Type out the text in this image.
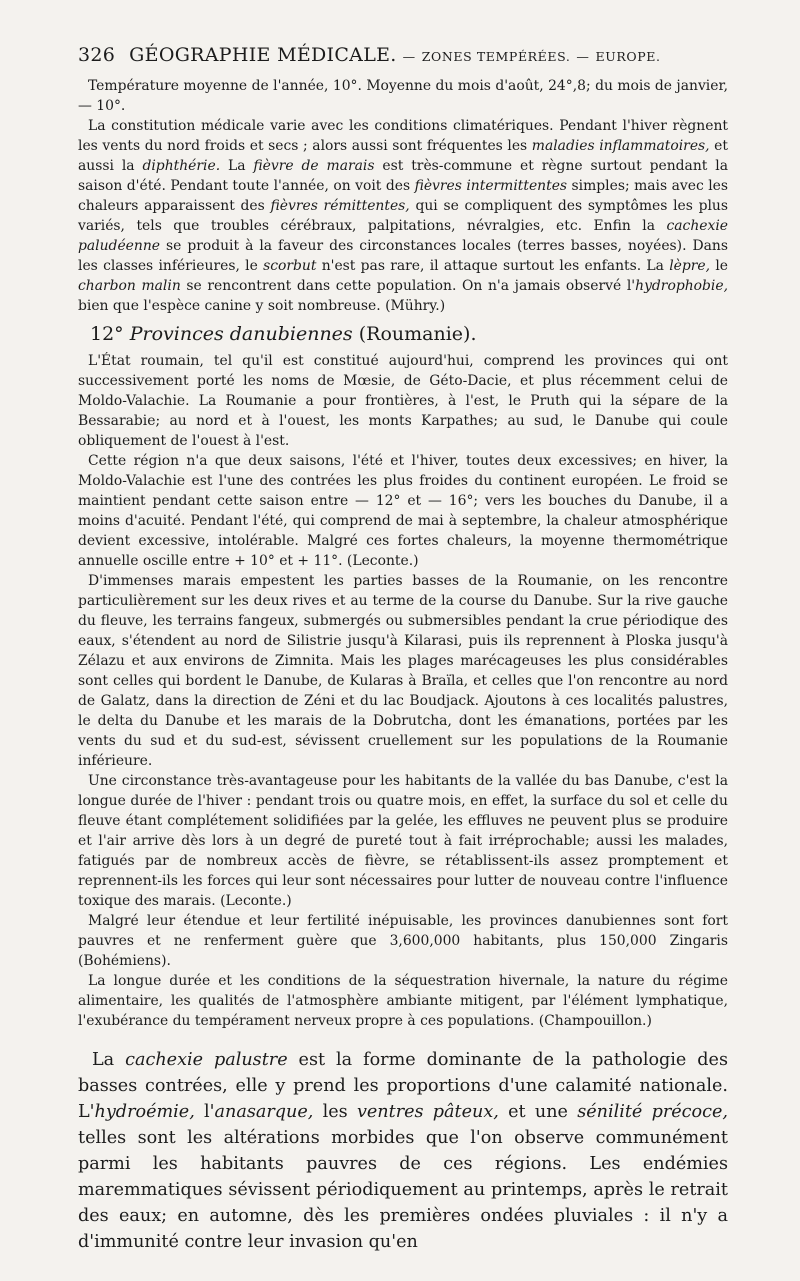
326 GÉOGRAPHIE MÉDICALE. — ZONES TEMPÉRÉES. — EUROPE.

Température moyenne de l'année, 10°. Moyenne du mois d'août, 24°,8; du mois de janvier, — 10°.

La constitution médicale varie avec les conditions climatériques. Pendant l'hiver règnent les vents du nord froids et secs ; alors aussi sont fréquentes les maladies inflammatoires, et aussi la diphthérie. La fièvre de marais est très-commune et règne surtout pendant la saison d'été. Pendant toute l'année, on voit des fièvres intermittentes simples; mais avec les chaleurs apparaissent des fièvres rémittentes, qui se compliquent des symptômes les plus variés, tels que troubles cérébraux, palpitations, névralgies, etc. Enfin la cachexie paludéenne se produit à la faveur des circonstances locales (terres basses, noyées). Dans les classes inférieures, le scorbut n'est pas rare, il attaque surtout les enfants. La lèpre, le charbon malin se rencontrent dans cette population. On n'a jamais observé l'hydrophobie, bien que l'espèce canine y soit nombreuse. (Mühry.)

12° Provinces danubiennes (Roumanie).

L'État roumain, tel qu'il est constitué aujourd'hui, comprend les provinces qui ont successivement porté les noms de Mœsie, de Géto-Dacie, et plus récemment celui de Moldo-Valachie. La Roumanie a pour frontières, à l'est, le Pruth qui la sépare de la Bessarabie; au nord et à l'ouest, les monts Karpathes; au sud, le Danube qui coule obliquement de l'ouest à l'est.

Cette région n'a que deux saisons, l'été et l'hiver, toutes deux excessives; en hiver, la Moldo-Valachie est l'une des contrées les plus froides du continent européen. Le froid se maintient pendant cette saison entre — 12° et — 16°; vers les bouches du Danube, il a moins d'acuité. Pendant l'été, qui comprend de mai à septembre, la chaleur atmosphérique devient excessive, intolérable. Malgré ces fortes chaleurs, la moyenne thermométrique annuelle oscille entre + 10° et + 11°. (Leconte.)

D'immenses marais empestent les parties basses de la Roumanie, on les rencontre particulièrement sur les deux rives et au terme de la course du Danube. Sur la rive gauche du fleuve, les terrains fangeux, submergés ou submersibles pendant la crue périodique des eaux, s'étendent au nord de Silistrie jusqu'à Kilarasi, puis ils reprennent à Ploska jusqu'à Zélazu et aux environs de Zimnita. Mais les plages marécageuses les plus considérables sont celles qui bordent le Danube, de Kularas à Braïla, et celles que l'on rencontre au nord de Galatz, dans la direction de Zéni et du lac Boudjack. Ajoutons à ces localités palustres, le delta du Danube et les marais de la Dobrutcha, dont les émanations, portées par les vents du sud et du sud-est, sévissent cruellement sur les populations de la Roumanie inférieure.

Une circonstance très-avantageuse pour les habitants de la vallée du bas Danube, c'est la longue durée de l'hiver : pendant trois ou quatre mois, en effet, la surface du sol et celle du fleuve étant complétement solidifiées par la gelée, les effluves ne peuvent plus se produire et l'air arrive dès lors à un degré de pureté tout à fait irréprochable; aussi les malades, fatigués par de nombreux accès de fièvre, se rétablissent-ils assez promptement et reprennent-ils les forces qui leur sont nécessaires pour lutter de nouveau contre l'influence toxique des marais. (Leconte.)

Malgré leur étendue et leur fertilité inépuisable, les provinces danubiennes sont fort pauvres et ne renferment guère que 3,600,000 habitants, plus 150,000 Zingaris (Bohémiens).

La longue durée et les conditions de la séquestration hivernale, la nature du régime alimentaire, les qualités de l'atmosphère ambiante mitigent, par l'élément lymphatique, l'exubérance du tempérament nerveux propre à ces populations. (Champouillon.)

La cachexie palustre est la forme dominante de la pathologie des basses contrées, elle y prend les proportions d'une calamité nationale. L'hydroémie, l'anasarque, les ventres pâteux, et une sénilité précoce, telles sont les altérations morbides que l'on observe communément parmi les habitants pauvres de ces régions. Les endémies maremmatiques sévissent périodiquement au printemps, après le retrait des eaux; en automne, dès les premières ondées pluviales : il n'y a d'immunité contre leur invasion qu'en
